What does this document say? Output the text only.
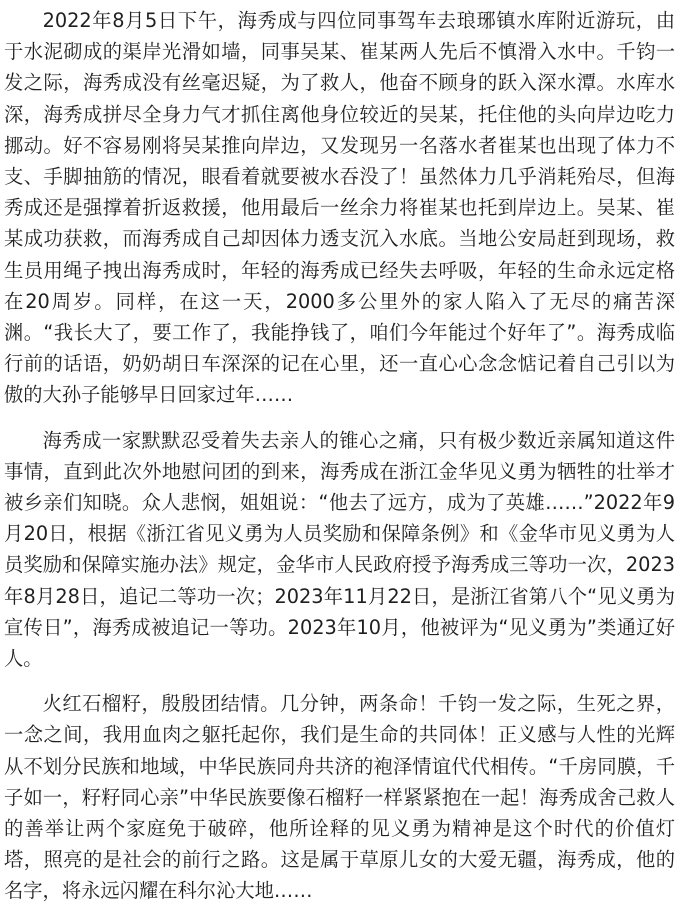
2022年8月5日下午，海秀成与四位同事驾车去琅琊镇水库附近游玩，由于水泥砌成的渠岸光滑如墙，同事吴某、崔某两人先后不慎滑入水中。千钧一发之际，海秀成没有丝毫迟疑，为了救人，他奋不顾身的跃入深水潭。水库水深，海秀成拼尽全身力气才抓住离他身位较近的吴某，托住他的头向岸边吃力挪动。好不容易刚将吴某推向岸边，又发现另一名落水者崔某也出现了体力不支、手脚抽筋的情况，眼看着就要被水吞没了！虽然体力几乎消耗殆尽，但海秀成还是强撑着折返救援，他用最后一丝余力将崔某也托到岸边上。吴某、崔某成功获救，而海秀成自己却因体力透支沉入水底。当地公安局赶到现场，救生员用绳子拽出海秀成时，年轻的海秀成已经失去呼吸，年轻的生命永远定格在20周岁。同样，在这一天，2000多公里外的家人陷入了无尽的痛苦深渊。“我长大了，要工作了，我能挣钱了，咱们今年能过个好年了”。海秀成临行前的话语，奶奶胡日车深深的记在心里，还一直心心念念惦记着自己引以为傲的大孙子能够早日回家过年……

海秀成一家默默忍受着失去亲人的锥心之痛，只有极少数近亲属知道这件事情，直到此次外地慰问团的到来，海秀成在浙江金华见义勇为牺牲的壮举才被乡亲们知晓。众人悲悯，姐姐说：“他去了远方，成为了英雄……”2022年9月20日，根据《浙江省见义勇为人员奖励和保障条例》和《金华市见义勇为人员奖励和保障实施办法》规定，金华市人民政府授予海秀成三等功一次，2023年8月28日，追记二等功一次；2023年11月22日，是浙江省第八个“见义勇为宣传日”，海秀成被追记一等功。2023年10月，他被评为“见义勇为”类通辽好人。

火红石榴籽，殷殷团结情。几分钟，两条命！千钧一发之际，生死之界，一念之间，我用血肉之躯托起你，我们是生命的共同体！正义感与人性的光辉从不划分民族和地域，中华民族同舟共济的袍泽情谊代代相传。“千房同膜，千子如一，籽籽同心亲”中华民族要像石榴籽一样紧紧抱在一起！海秀成舍己救人的善举让两个家庭免于破碎，他所诠释的见义勇为精神是这个时代的价值灯塔，照亮的是社会的前行之路。这是属于草原儿女的大爱无疆，海秀成，他的名字，将永远闪耀在科尔沁大地……
